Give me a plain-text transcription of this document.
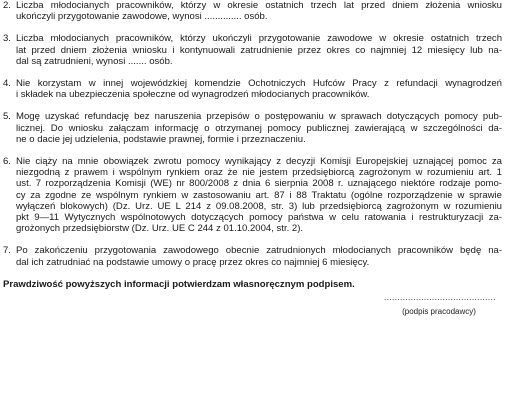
2. Liczba młodocianych pracowników, którzy w okresie ostatnich trzech lat przed dniem złożenia wniosku
ukończyli przygotowanie zawodowe, wynosi .............. osób.
3. Liczba młodocianych pracowników, którzy ukończyli przygotowanie zawodowe w okresie ostatnich trzech
lat przed dniem złożenia wniosku i kontynuowali zatrudnienie przez okres co najmniej 12 miesięcy lub na-
dal są zatrudnieni, wynosi ....... osób.
4. Nie korzystam w innej wojewódzkiej komendzie Ochotniczych Hufców Pracy z refundacji wynagrodzeń
i składek na ubezpieczenia społeczne od wynagrodzeń młodocianych pracowników.
5. Mogę uzyskać refundację bez naruszenia przepisów o postępowaniu w sprawach dotyczących pomocy pub-
licznej. Do wniosku załączam informację o otrzymanej pomocy publicznej zawierającą w szczególności da-
ne o dacie jej udzielenia, podstawie prawnej, formie i przeznaczeniu.
6. Nie ciąży na mnie obowiązek zwrotu pomocy wynikający z decyzji Komisji Europejskiej uznającej pomoc za
niezgodną z prawem i wspólnym rynkiem oraz że nie jestem przedsiębiorcą zagrożonym w rozumieniu art. 1
ust. 7 rozporządzenia Komisji (WE) nr 800/2008 z dnia 6 sierpnia 2008 r. uznającego niektóre rodzaje pomo-
cy za zgodne ze wspólnym rynkiem w zastosowaniu art. 87 i 88 Traktatu (ogólne rozporządzenie w sprawie
wyłączeń blokowych) (Dz. Urz. UE L 214 z 09.08.2008, str. 3) lub przedsiębiorcą zagrożonym w rozumieniu
pkt 9—11 Wytycznych wspólnotowych dotyczących pomocy państwa w celu ratowania i restrukturyzacji za-
grożonych przedsiębiorstw (Dz. Urz. UE C 244 z 01.10.2004, str. 2).
7. Po zakończeniu przygotowania zawodowego obecnie zatrudnionych młodocianych pracowników będę na-
dal ich zatrudniać na podstawie umowy o pracę przez okres co najmniej 6 miesięcy.
Prawdziwość powyższych informacji potwierdzam własnoręcznym podpisem.
..........................................
(podpis pracodawcy)
